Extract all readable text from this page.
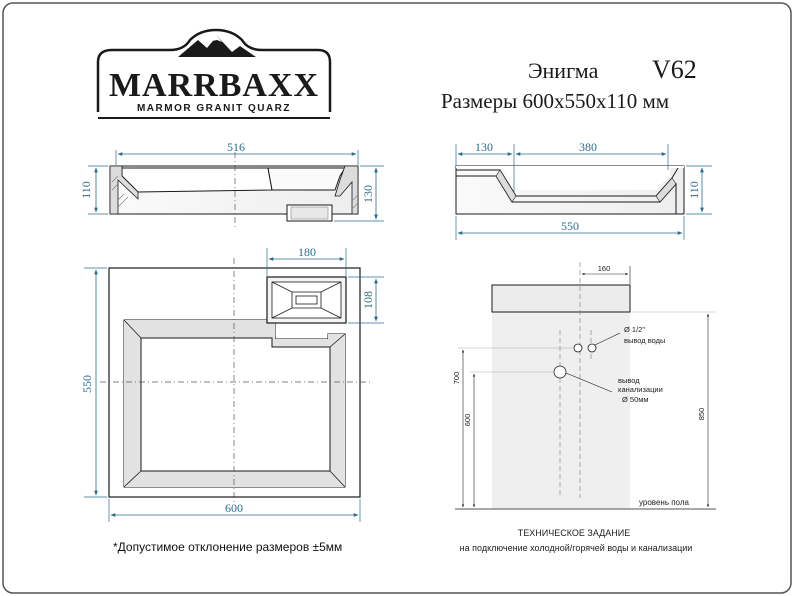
MARRBAXX
MARMOR GRANIT QUARZ
Энигма V62
Размеры 600x550x110 мм
516
110	130
130	380
110
550
180
108
550
600
*Допустимое отклонение размеров ±5мм
160
Ø 1/2"
вывод воды
вывод
канализации
Ø 50мм
700
600	850
уровень пола
ТЕХНИЧЕСКОЕ ЗАДАНИЕ
на подключение холодной/горячей воды и канализации
